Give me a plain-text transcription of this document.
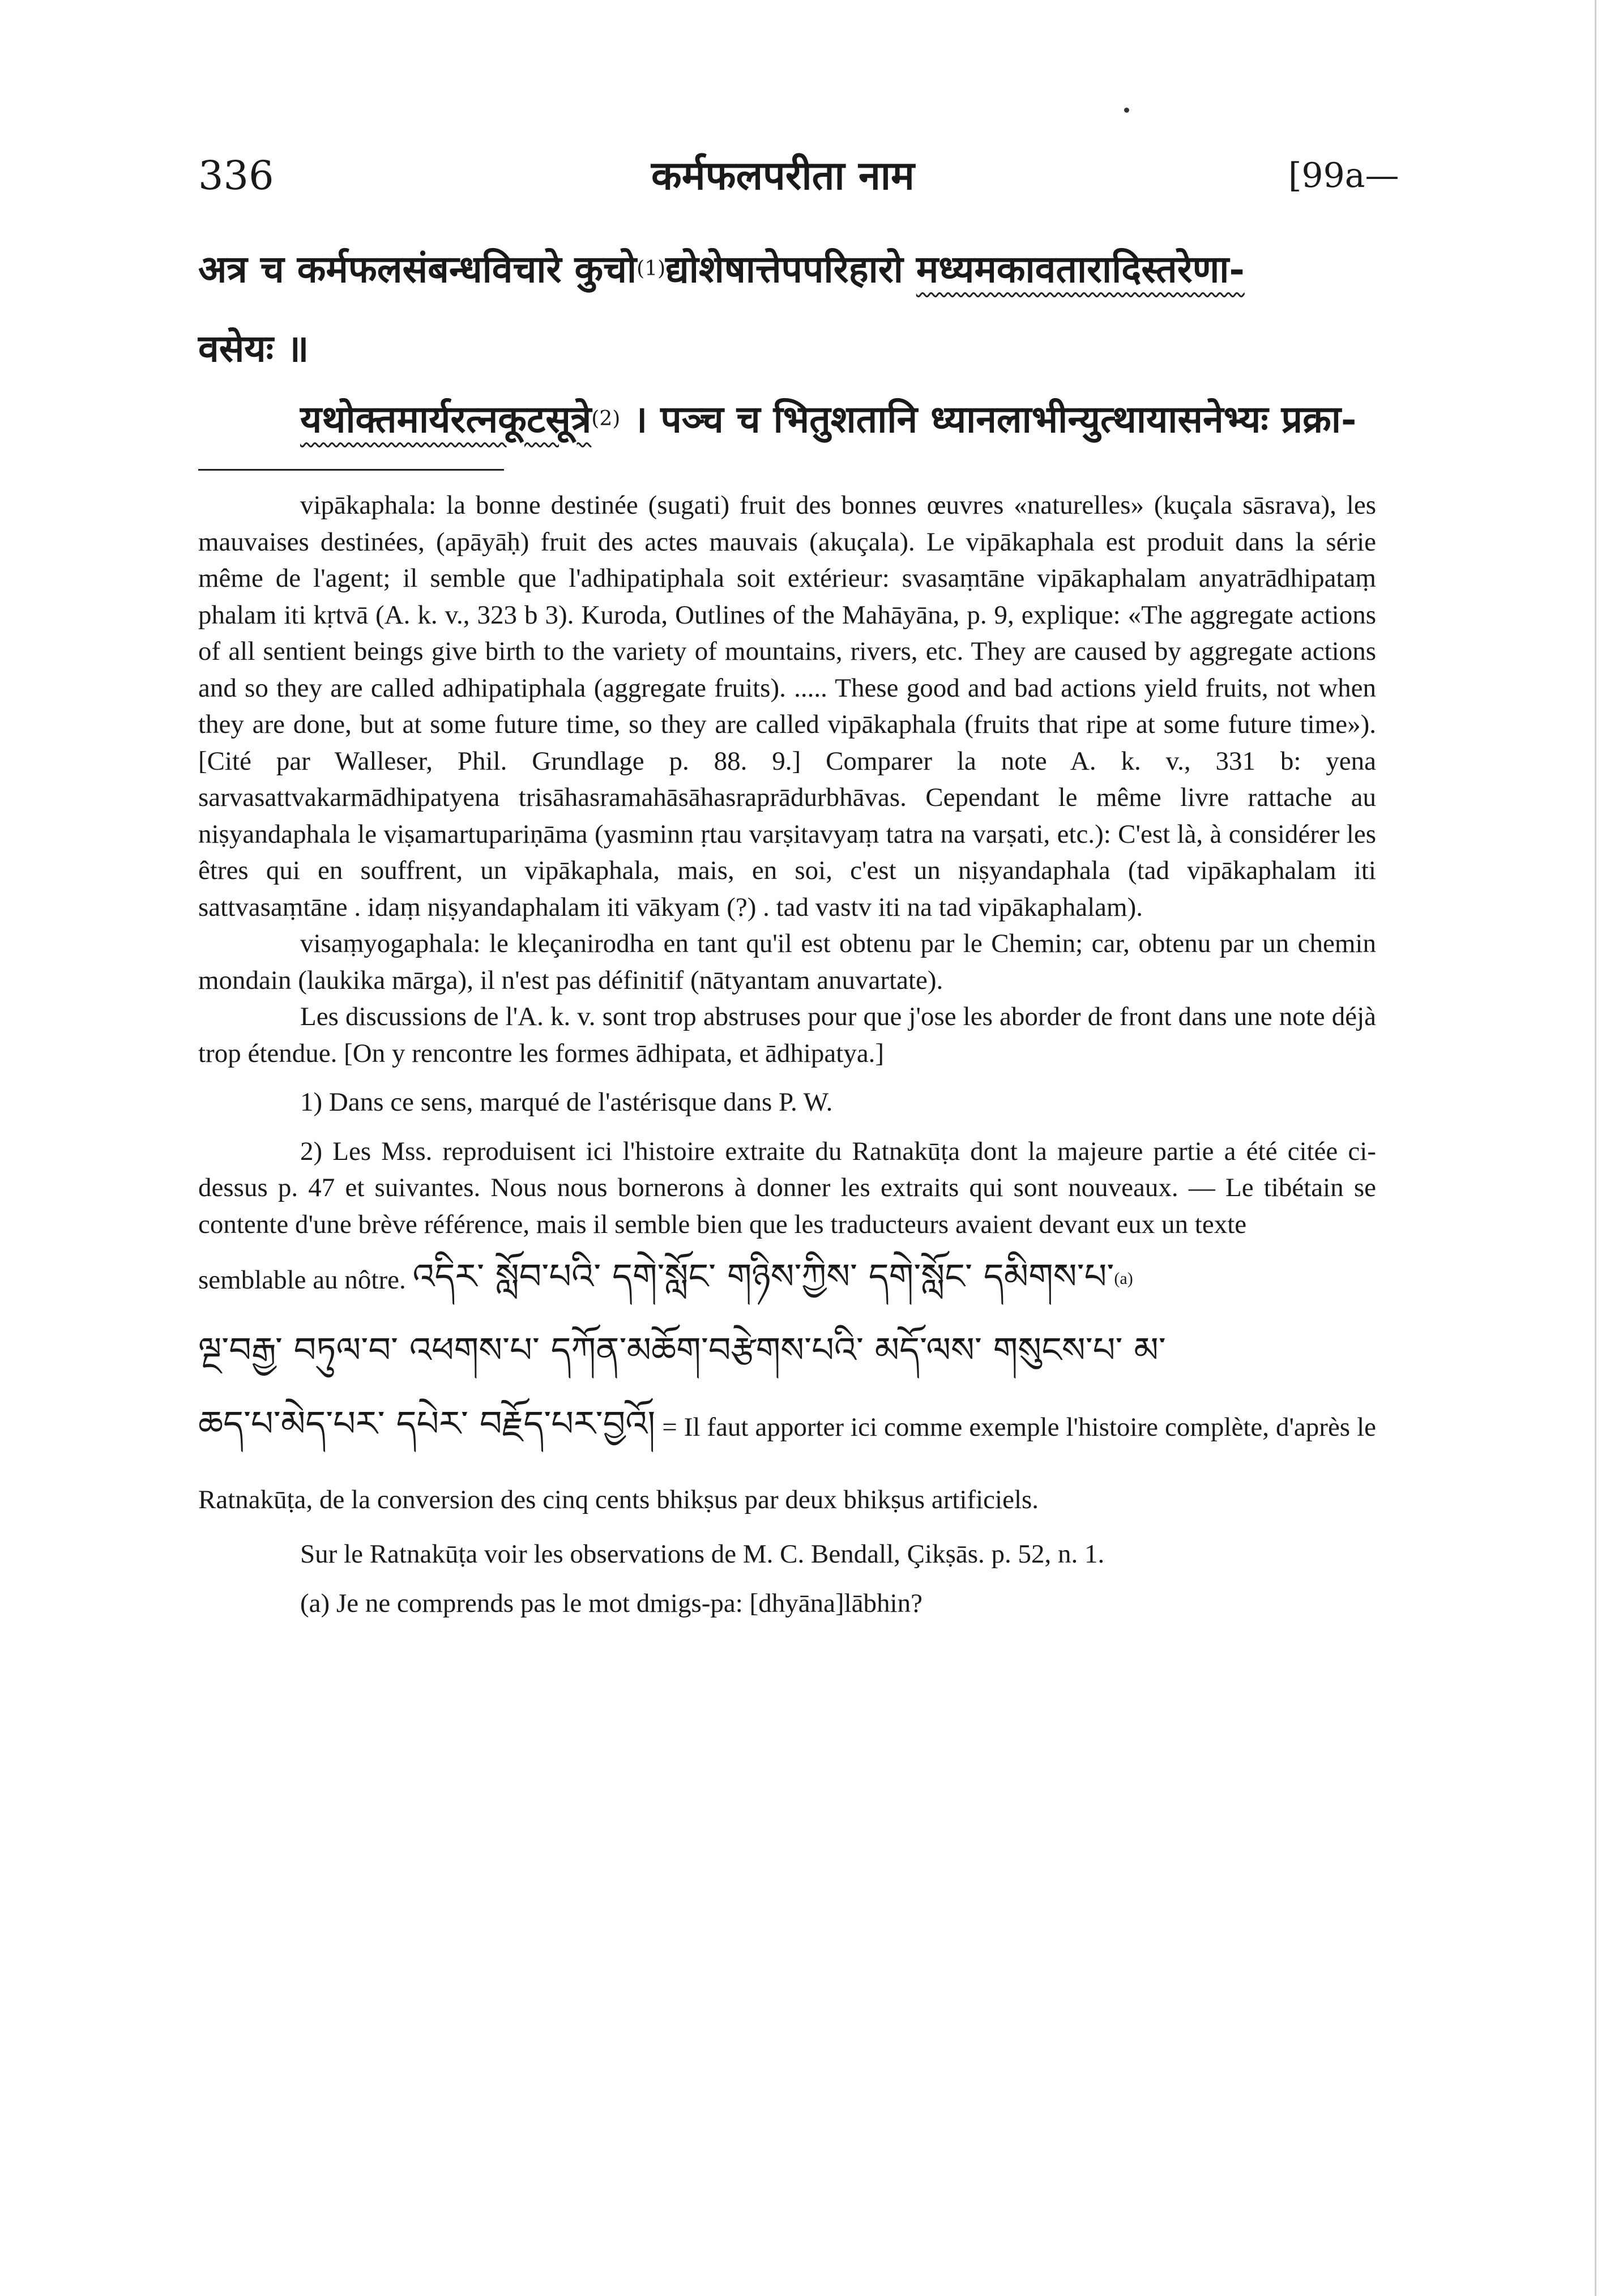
336	कर्मफलपरीता नाम	[99a—
अत्र च कर्मफलसंबन्धविचारे कुचो$^{(1)}$द्योशेषात्तेपपरिहारो मध्यमकावतारादिस्तरेणा-
वसेयः ॥
यथोक्तमार्यरत्नकूटसूत्रे$^{(2)}$ । पञ्च च भितुशतानि ध्यानलाभीन्युत्थायासनेभ्यः प्रक्रा-

vipākaphala: la bonne destinée (sugati) fruit des bonnes œuvres «naturelles» (kuçala sāsrava), les mauvaises destinées, (apāyāḥ) fruit des actes mauvais (akuçala). Le vipākaphala est produit dans la série même de l'agent; il semble que l'adhipatiphala soit extérieur: svasaṃtāne vipākaphalam anyatrādhipataṃ phalam iti kṛtvā (A. k. v., 323 b 3). Kuroda, Outlines of the Mahāyāna, p. 9, explique: «The aggregate actions of all sentient beings give birth to the variety of mountains, rivers, etc. They are caused by aggregate actions and so they are called adhipatiphala (aggregate fruits). ..... These good and bad actions yield fruits, not when they are done, but at some future time, so they are called vipākaphala (fruits that ripe at some future time»). [Cité par Walleser, Phil. Grundlage p. 88. 9.] Comparer la note A. k. v., 331 b: yena sarvasattvakarmādhipatyena trisāhasramahāsāhasraprādurbhāvas. Cependant le même livre rattache au niṣyandaphala le viṣamartupariṇāma (yasminn ṛtau varṣitavyaṃ tatra na varṣati, etc.): C'est là, à considérer les êtres qui en souffrent, un vipākaphala, mais, en soi, c'est un niṣyandaphala (tad vipākaphalam iti sattvasaṃtāne . idaṃ niṣyandaphalam iti vākyam (?) . tad vastv iti na tad vipākaphalam).

visaṃyogaphala: le kleçanirodha en tant qu'il est obtenu par le Chemin; car, obtenu par un chemin mondain (laukika mārga), il n'est pas définitif (nātyantam anuvartate).

Les discussions de l'A. k. v. sont trop abstruses pour que j'ose les aborder de front dans une note déjà trop étendue. [On y rencontre les formes ādhipata, et ādhipatya.]

1) Dans ce sens, marqué de l'astérisque dans P. W.

2) Les Mss. reproduisent ici l'histoire extraite du Ratnakūṭa dont la majeure partie a été citée ci-dessus p. 47 et suivantes. Nous nous bornerons à donner les extraits qui sont nouveaux. — Le tibétain se contente d'une brève référence, mais il semble bien que les traducteurs avaient devant eux un texte

semblable au nôtre. འདིར་ སློབ་པའི་ དགེ་སློང་ གཉིས་ཀྱིས་ དགེ་སློང་ དམིགས་པ་$^{(a)}$

ལྔ་བརྒྱ་ བཏུལ་བ་ འཕགས་པ་ དཀོན་མཆོག་བརྩེགས་པའི་ མདོ་ལས་ གསུངས་པ་ མ་

ཆད་པ་མེད་པར་ དཔེར་ བརྗོད་པར་བྱའོ། = Il faut apporter ici comme exemple l'histoire complète, d'après le Ratnakūṭa, de la conversion des cinq cents bhikṣus par deux bhikṣus artificiels.

Sur le Ratnakūṭa voir les observations de M. C. Bendall, Çikṣās. p. 52, n. 1.

(a) Je ne comprends pas le mot dmigs-pa: [dhyāna]lābhin?
